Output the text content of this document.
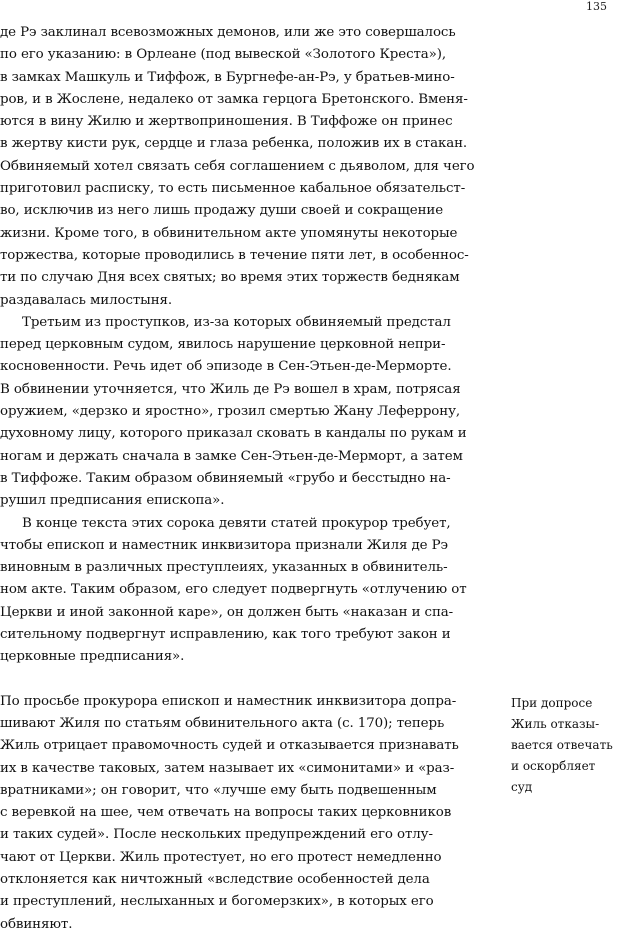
135
де Рэ заклинал всевозможных демонов, или же это совершалось
по его указанию: в Орлеане (под вывеской «Золотого Креста»),
в замках Машкуль и Тиффож, в Бургнефе-ан-Рэ, у братьев-мино-
ров, и в Жослене, недалеко от замка герцога Бретонского. Вменя-
ются в вину Жилю и жертвоприношения. В Тиффоже он принес
в жертву кисти рук, сердце и глаза ребенка, положив их в стакан.
Обвиняемый хотел связать себя соглашением с дьяволом, для чего
приготовил расписку, то есть письменное кабальное обязательст-
во, исключив из него лишь продажу души своей и сокращение
жизни. Кроме того, в обвинительном акте упомянуты некоторые
торжества, которые проводились в течение пяти лет, в особеннос-
ти по случаю Дня всех святых; во время этих торжеств беднякам
раздавалась милостыня.
Третьим из проступков, из-за которых обвиняемый предстал
перед церковным судом, явилось нарушение церковной непри-
косновенности. Речь идет об эпизоде в Сен-Этьен-де-Мерморте.
В обвинении уточняется, что Жиль де Рэ вошел в храм, потрясая
оружием, «дерзко и яростно», грозил смертью Жану Леферрону,
духовному лицу, которого приказал сковать в кандалы по рукам и
ногам и держать сначала в замке Сен-Этьен-де-Мерморт, а затем
в Тиффоже. Таким образом обвиняемый «грубо и бесстыдно на-
рушил предписания епископа».
В конце текста этих сорока девяти статей прокурор требует,
чтобы епископ и наместник инквизитора признали Жиля де Рэ
виновным в различных преступлеиях, указанных в обвинитель-
ном акте. Таким образом, его следует подвергнуть «отлучению от
Церкви и иной законной каре», он должен быть «наказан и спа-
сительному подвергнут исправлению, как того требуют закон и
церковные предписания».
По просьбе прокурора епископ и наместник инквизитора допра-
шивают Жиля по статьям обвинительного акта (с. 170); теперь
Жиль отрицает правомочность судей и отказывается признавать
их в качестве таковых, затем называет их «симонитами» и «раз-
вратниками»; он говорит, что «лучше ему быть подвешенным
с веревкой на шее, чем отвечать на вопросы таких церковников
и таких судей». После нескольких предупреждений его отлу-
чают от Церкви. Жиль протестует, но его протест немедленно
отклоняется как ничтожный «вследствие особенностей дела
и преступлений, неслыханных и богомерзких», в которых его
обвиняют.
При допросе
Жиль отказы-
вается отвечать
и оскорбляет
суд
